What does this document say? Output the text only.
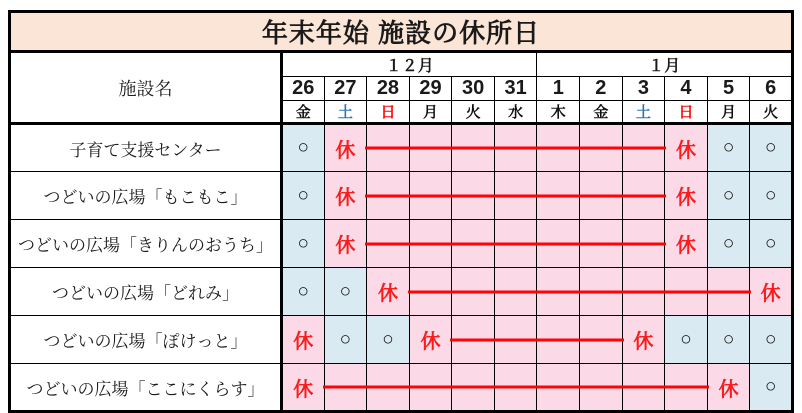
年末年始 施設の休所日												
施設名	１２月						１月					
	26	27	28	29	30	31	1	2	3	4	5	6
	金	土	日	月	火	水	木	金	土	日	月	火
子育て支援センター	○	休								休	○	○
つどいの広場「もこもこ」	○	休								休	○	○
つどいの広場「きりんのおうち」	○	休								休	○	○
つどいの広場「どれみ」	○	○	休									休
つどいの広場「ぽけっと」	休	○	○	休					休	○	○	○
つどいの広場「ここにくらす」	休										休	○
